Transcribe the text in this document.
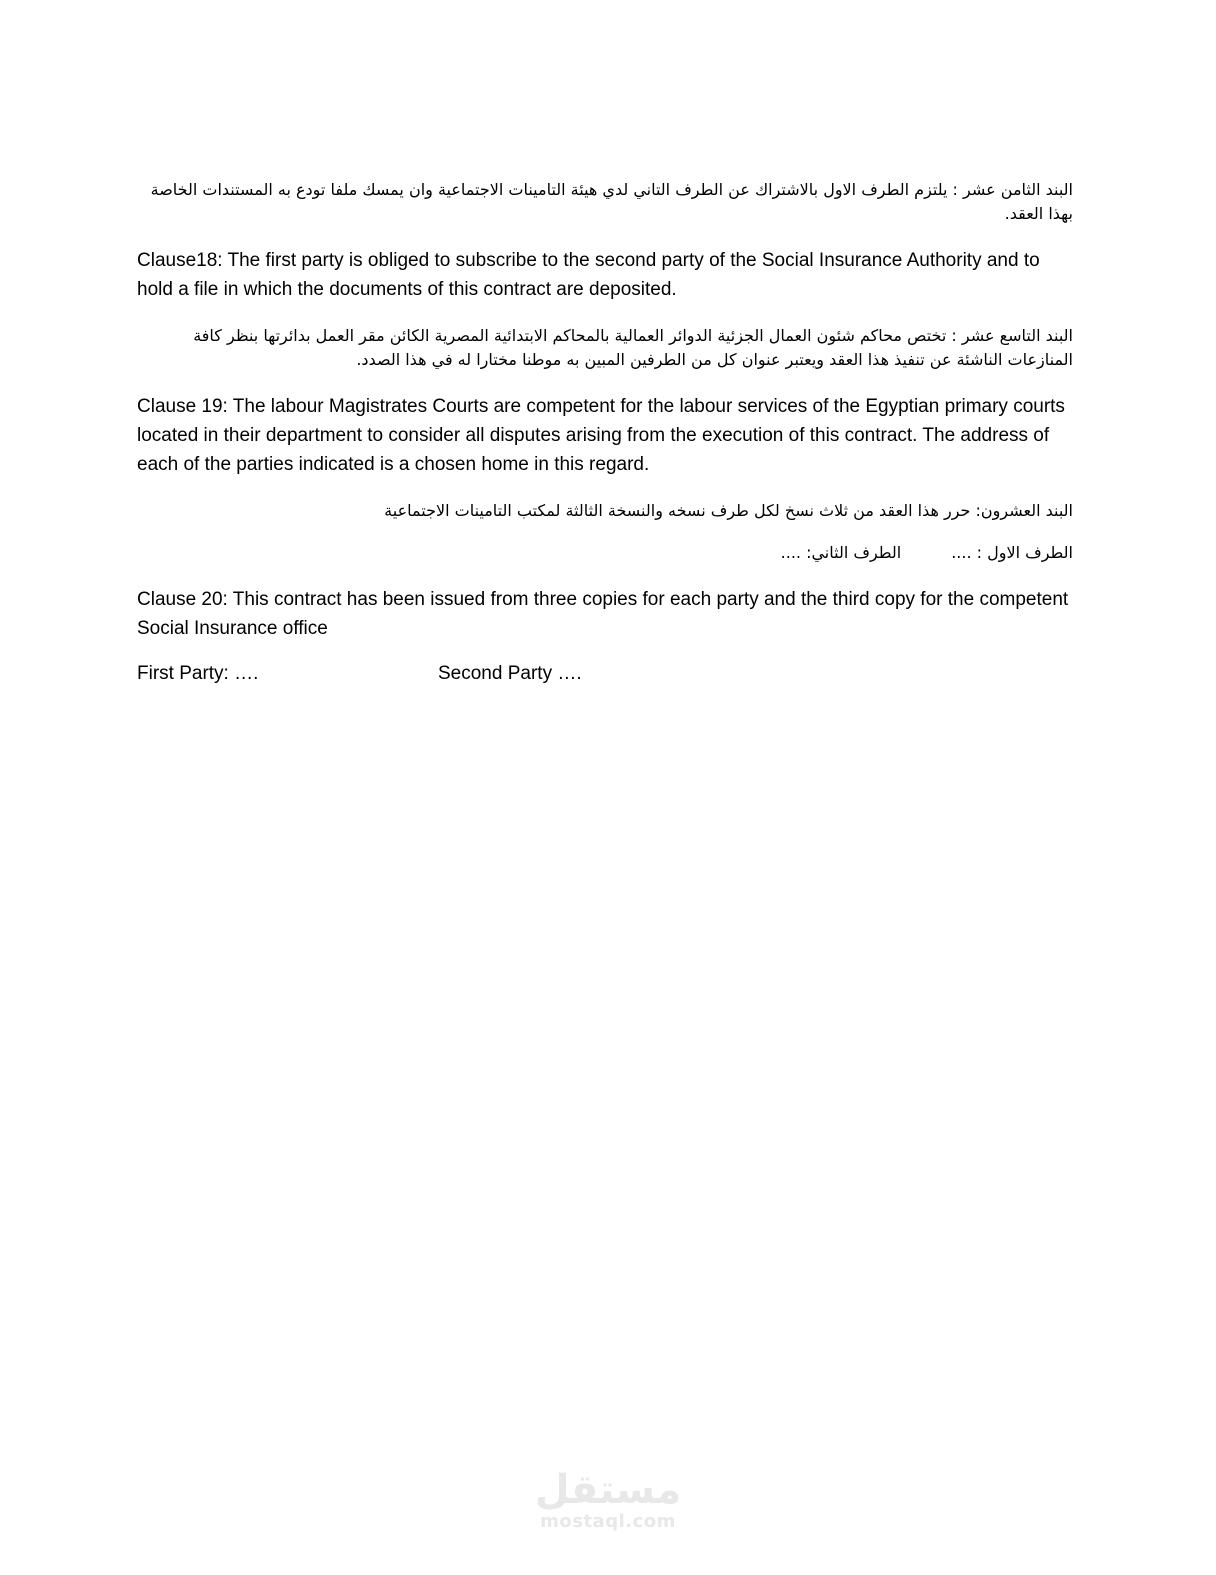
البند الثامن عشر : يلتزم الطرف الاول بالاشتراك عن الطرف التاني لدي هيئة التامينات الاجتماعية وان يمسك ملفا تودع به المستندات الخاصة بهذا العقد.

Clause18: The first party is obliged to subscribe to the second party of the Social Insurance Authority and to hold a file in which the documents of this contract are deposited.

البند التاسع عشر : تختص محاكم شئون العمال الجزئية الدوائر العمالية بالمحاكم الابتدائية المصرية الكائن مقر العمل بدائرتها بنظر كافة المنازعات الناشئة عن تنفيذ هذا العقد ويعتبر عنوان كل من الطرفين المبين به موطنا مختارا له في هذا الصدد.

Clause 19: The labour Magistrates Courts are competent for the labour services of the Egyptian primary courts located in their department to consider all disputes arising from the execution of this contract. The address of each of the parties indicated is a chosen home in this regard.

البند العشرون: حرر هذا العقد من ثلاث نسخ لكل طرف نسخه والنسخة الثالثة لمكتب التامينات الاجتماعية

الطرف الاول : ....الطرف الثاني: ....

Clause 20: This contract has been issued from three copies for each party and the third copy for the competent Social Insurance office

First Party: ….	Second Party ….
مستقل
mostaql.com
